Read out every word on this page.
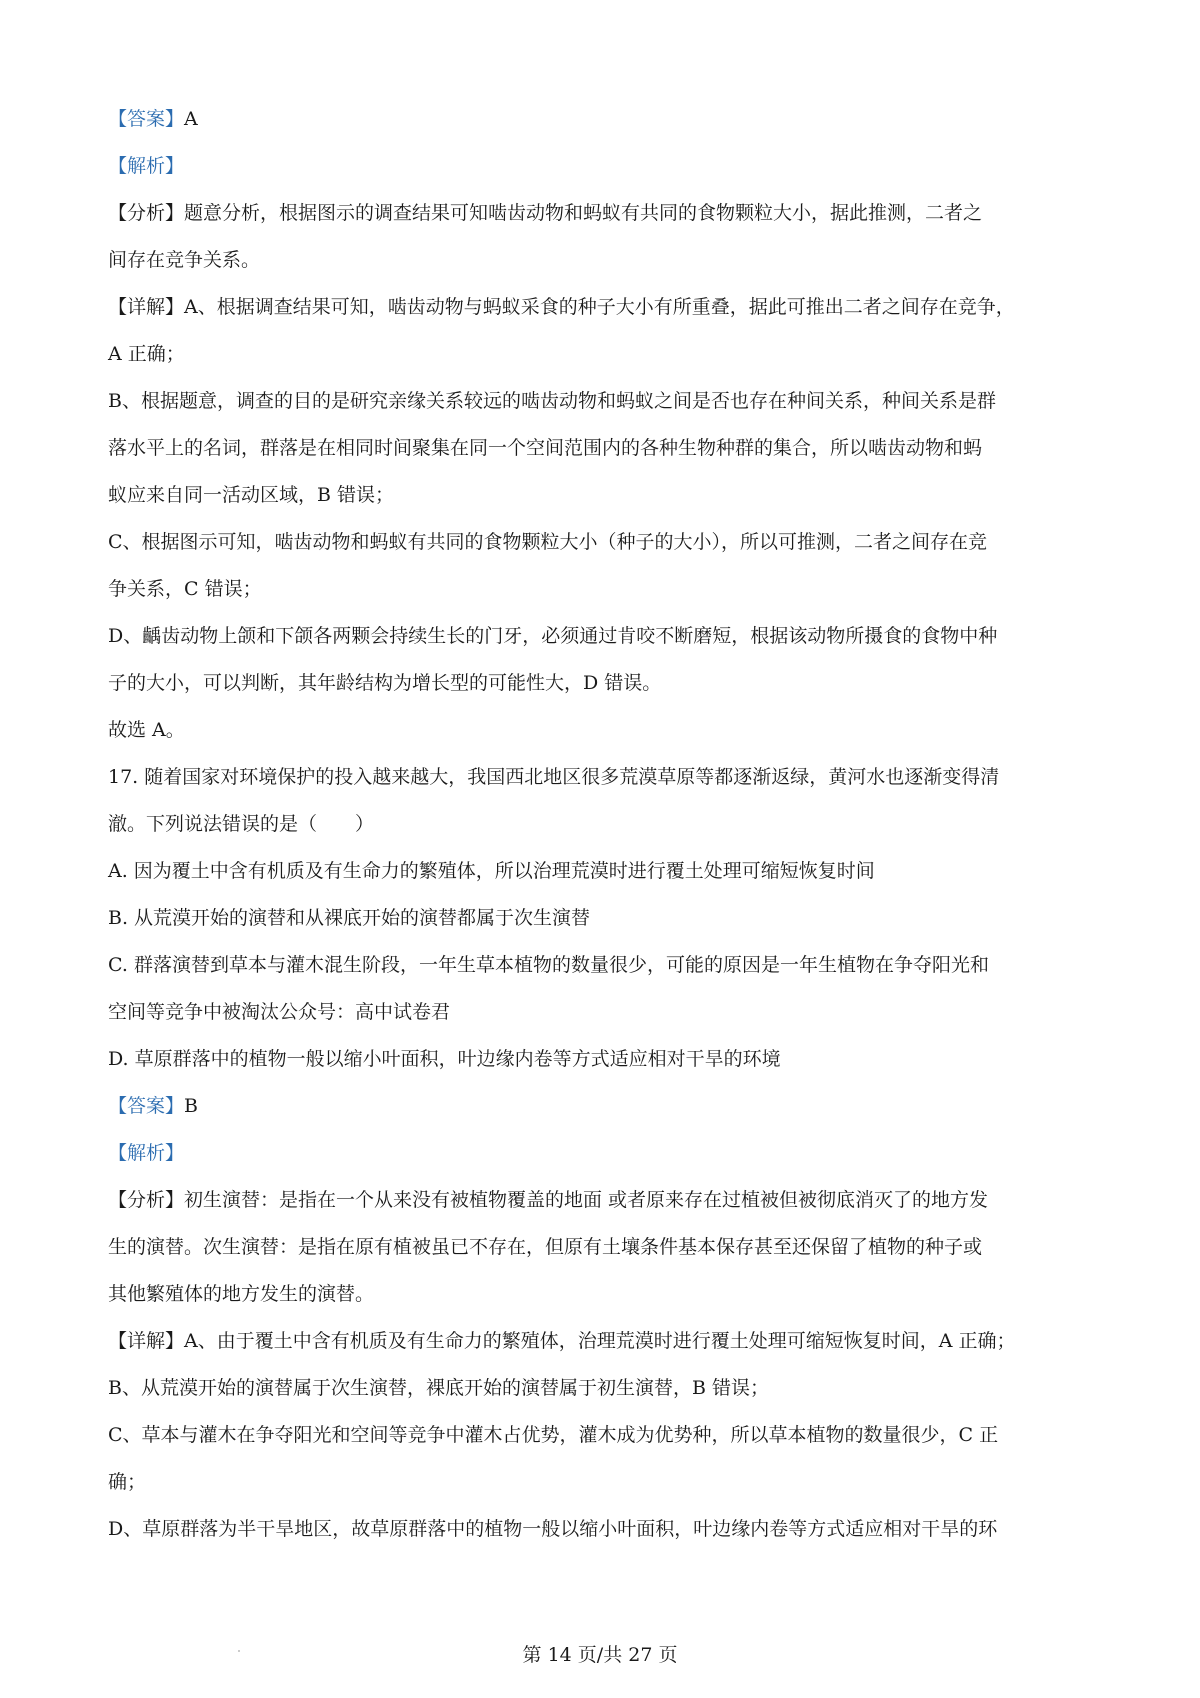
【答案】A
【解析】
【分析】题意分析，根据图示的调查结果可知啮齿动物和蚂蚁有共同的食物颗粒大小，据此推测，二者之
间存在竞争关系。
【详解】A、根据调查结果可知，啮齿动物与蚂蚁采食的种子大小有所重叠，据此可推出二者之间存在竞争，
A 正确；
B、根据题意，调查的目的是研究亲缘关系较远的啮齿动物和蚂蚁之间是否也存在种间关系，种间关系是群
落水平上的名词，群落是在相同时间聚集在同一个空间范围内的各种生物种群的集合，所以啮齿动物和蚂
蚁应来自同一活动区域，B 错误；
C、根据图示可知，啮齿动物和蚂蚁有共同的食物颗粒大小（种子的大小），所以可推测，二者之间存在竞
争关系，C 错误；
D、齲齿动物上颌和下颌各两颗会持续生长的门牙，必须通过肯咬不断磨短，根据该动物所摄食的食物中种
子的大小，可以判断，其年龄结构为增长型的可能性大，D 错误。
故选 A。
17. 随着国家对环境保护的投入越来越大，我国西北地区很多荒漠草原等都逐渐返绿，黄河水也逐渐变得清
澈。下列说法错误的是（　　）
A. 因为覆土中含有机质及有生命力的繁殖体，所以治理荒漠时进行覆土处理可缩短恢复时间
B. 从荒漠开始的演替和从裸底开始的演替都属于次生演替
C. 群落演替到草本与灌木混生阶段，一年生草本植物的数量很少，可能的原因是一年生植物在争夺阳光和
空间等竞争中被淘汰公众号：高中试卷君
D. 草原群落中的植物一般以缩小叶面积，叶边缘内卷等方式适应相对干旱的环境
【答案】B
【解析】
【分析】初生演替：是指在一个从来没有被植物覆盖的地面 或者原来存在过植被但被彻底消灭了的地方发
生的演替。次生演替：是指在原有植被虽已不存在，但原有土壤条件基本保存甚至还保留了植物的种子或
其他繁殖体的地方发生的演替。
【详解】A、由于覆土中含有机质及有生命力的繁殖体，治理荒漠时进行覆土处理可缩短恢复时间，A 正确；
B、从荒漠开始的演替属于次生演替，裸底开始的演替属于初生演替，B 错误；
C、草本与灌木在争夺阳光和空间等竞争中灌木占优势，灌木成为优势种，所以草本植物的数量很少，C 正
确；
D、草原群落为半干旱地区，故草原群落中的植物一般以缩小叶面积，叶边缘内卷等方式适应相对干旱的环
第 14 页/共 27 页
